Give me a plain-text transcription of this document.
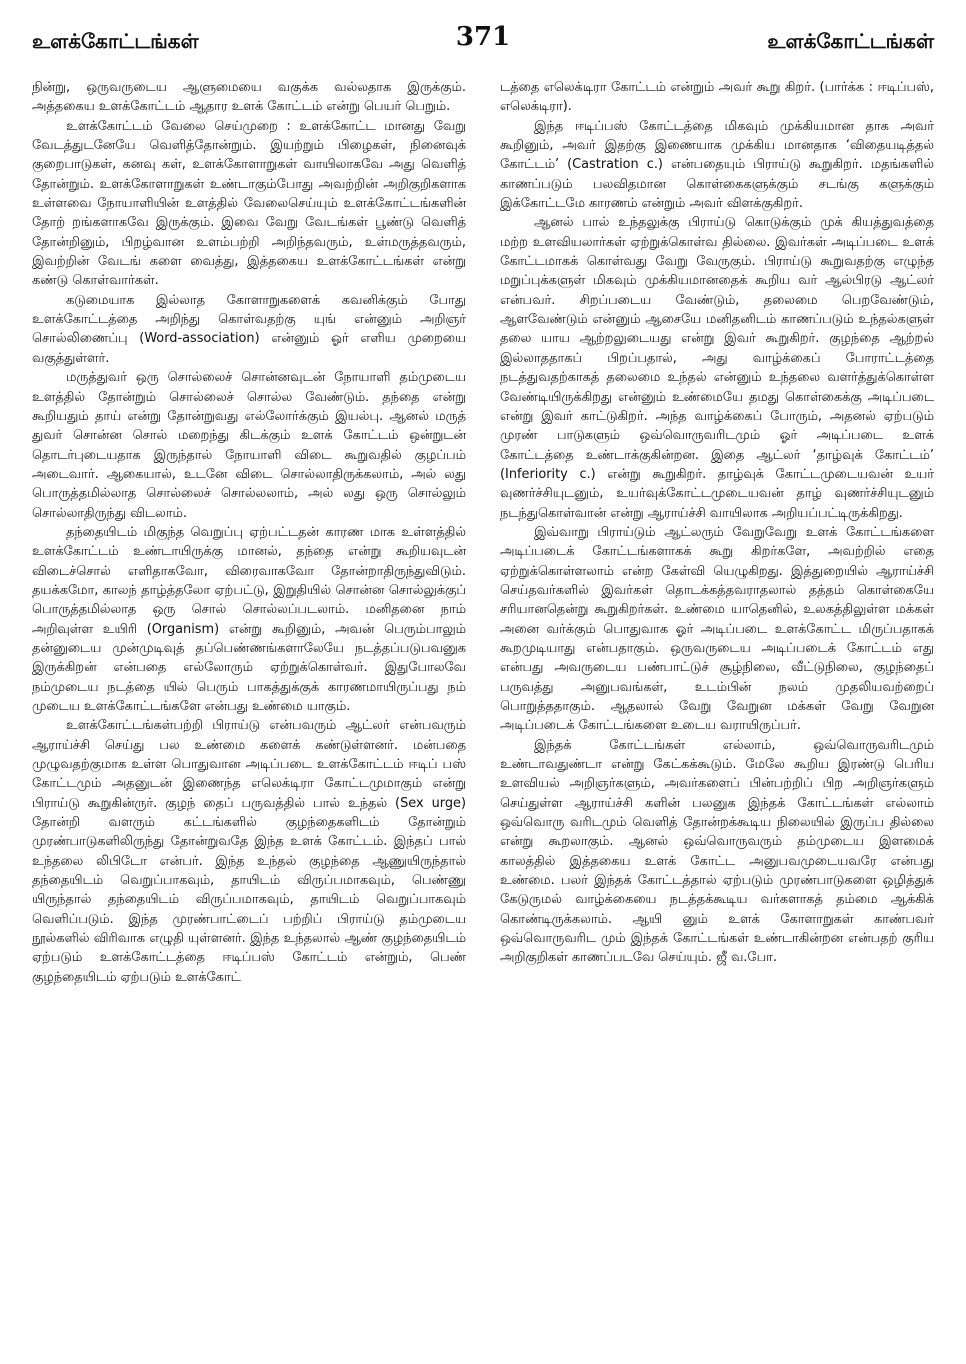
உளக்கோட்டங்கள்	371	உளக்கோட்டங்கள்

நின்று, ஒருவருடைய ஆளுமையை வகுக்க வல்லதாக இருக்கும். அத்தகைய உளக்கோட்டம் ஆதார உளக் கோட்டம் என்று பெயர் பெறும்.

உளக்கோட்டம் வேலை செய்முறை : உளக்கோட்ட மானது வேறு வேடத்துடனேயே வெளித்தோன்றும். இயற்றும் பிழைகள், நினைவுக் குறைபாடுகள், கனவு கள், உளக்கோளாறுகள் வாயிலாகவே அது வெளித் தோன்றும். உளக்கோளாறுகள் உண்டாகும்போது அவற்றின் அறிகுறிகளாக உள்ளவை நோயாளியின் உளத்தில் வேலைசெய்யும் உளக்கோட்டங்களின் தோற் றங்களாகவே இருக்கும். இவை வேறு வேடங்கள் பூண்டு வெளித் தோன்றினும், பிறழ்வான உளம்பற்றி அறிந்தவரும், உள்மருத்தவரும், இவற்றின் வேடங் களை வைத்து, இத்தகைய உளக்கோட்டங்கள் என்று கண்டு கொள்வார்கள்.

கடுமையாக இல்லாத கோளாறுகளைக் கவனிக்கும் போது உளக்கோட்டத்தை அறிந்து கொள்வதற்கு யுங் என்னும் அறிஞர் சொல்லிணைப்பு (Word-association) என்னும் ஓர் எளிய முறையை வகுத்துள்ளர்.

மருத்துவர் ஒரு சொல்லைச் சொன்னவுடன் நோயாளி தம்முடைய உளத்தில் தோன்றும் சொல்லைச் சொல்ல வேண்டும். தந்தை என்று கூறியதும் தாய் என்று தோன்றுவது எல்லோர்க்கும் இயல்பு. ஆனல் மருத் துவர் சொன்ன சொல் மறைந்து கிடக்கும் உளக் கோட்டம் ஒன்றுடன் தொடர்புடையதாக இருந்தால் நோயாளி விடை கூறுவதில் குழப்பம் அடைவார். ஆகையால், உடனே விடை சொல்லாதிருக்கலாம், அல் லது பொருத்தமில்லாத சொல்லைச் சொல்லலாம், அல் லது ஒரு சொல்லும் சொல்லாதிருந்து விடலாம்.

தந்தையிடம் மிகுந்த வெறுப்பு ஏற்பட்டதன் காரண மாக உள்ளத்தில் உளக்கோட்டம் உண்டாயிருக்கு மானல், தந்தை என்று கூறியவுடன் விடைச்சொல் எளிதாகவோ, விரைவாகவோ தோன்றாதிருந்துவிடும். தயக்கமோ, காலந் தாழ்த்தலோ ஏற்பட்டு, இறுதியில் சொன்ன சொல்லுக்குப் பொருத்தமில்லாத ஒரு சொல் சொல்லப்படலாம். மனிதனை நாம் அறிவுள்ள உயிரி (Organism) என்று கூறினும், அவன் பெரும்பாலும் தன்னுடைய முன்முடிவுத் தப்பெண்ணங்களாலேயே நடத்தப்படுபவனுக இருக்கிறன் என்பதை எல்லோரும் ஏற்றுக்கொள்வர். இதுபோலவே நம்முடைய நடத்தை யில் பெரும் பாகத்துக்குக் காரணமாயிருப்பது நம் முடைய உளக்கோட்டங்களே என்பது உண்மை யாகும்.

உளக்கோட்டங்கள்பற்றி பிராய்டு என்பவரும் ஆட்லர் என்பவரும் ஆராய்ச்சி செய்து பல உண்மை களைக் கண்டுள்ளனர். மன்பதை முழுவதற்குமாக உள்ள பொதுவான அடிப்படை உளக்கோட்டம் ஈடிப் பஸ் கோட்டமும் அதனுடன் இணைந்த எலெக்டிரா கோட்டமுமாகும் என்று பிராய்டு கூறுகின்ருர். குழந் தைப் பருவத்தில் பால் உந்தல் (Sex urge) தோன்றி வளரும் கட்டங்களில் குழந்தைகளிடம் தோன்றும் முரண்பாடுகளிலிருந்து தோன்றுவதே இந்த உளக் கோட்டம். இந்தப் பால் உந்தலை லிபிடோ என்பர். இந்த உந்தல் குழந்தை ஆணுயிருந்தால் தந்தையிடம் வெறுப்பாகவும், தாயிடம் விருப்பமாகவும், பெண்ணு யிருந்தால் தந்தையிடம் விருப்பமாகவும், தாயிடம் வெறுப்பாகவும் வெளிப்படும். இந்த முரண்பாட்டைப் பற்றிப் பிராய்டு தம்முடைய நூல்களில் விரிவாக எழுதி யுள்ளனர். இந்த உந்தலால் ஆண் குழந்தையிடம் ஏற்படும் உளக்கோட்டத்தை ஈடிப்பஸ் கோட்டம் என்றும், பெண் குழந்தையிடம் ஏற்படும் உளக்கோட்

டத்தை எலெக்டிரா கோட்டம் என்றும் அவர் கூறு கிறர். (பார்க்க : ஈடிப்பஸ், எலெக்டிரா).

இந்த ஈடிப்பஸ் கோட்டத்தை மிகவும் முக்கியமான தாக அவர் கூறினும், அவர் இதற்கு இணையாக முக்கிய மானதாக ‘விதையடித்தல் கோட்டம்’ (Castration c.) என்பதையும் பிராய்டு கூறுகிறர். மதங்களில் காணப்படும் பலவிதமான கொள்கைகளுக்கும் சடங்கு களுக்கும் இக்கோட்டமே காரணம் என்றும் அவர் விளக்குகிறர்.

ஆனல் பால் உந்தலுக்கு பிராய்டு கொடுக்கும் முக் கியத்துவத்தை மற்ற உளவியலார்கள் ஏற்றுக்கொள்வ தில்லை. இவர்கள் அடிப்படை உளக் கோட்டமாகக் கொள்வது வேறு வேருகும். பிராய்டு கூறுவதற்கு எழுந்த மறுப்புக்களுள் மிகவும் முக்கியமானதைக் கூறிய வர் ஆல்பிரடு ஆட்லர் என்பவர். சிறப்படைய வேண்டும், தலைமை பெறவேண்டும், ஆளவேண்டும் என்னும் ஆசையே மனிதனிடம் காணப்படும் உந்தல்களுள் தலை யாய ஆற்றலுடையது என்று இவர் கூறுகிறர். குழந்தை ஆற்றல் இல்லாததாகப் பிறப்பதால், அது வாழ்க்கைப் போராட்டத்தை நடத்துவதற்காகத் தலைமை உந்தல் என்னும் உந்தலை வளர்த்துக்கொள்ள வேண்டியிருக்கிறது என்னும் உண்மையே தமது கொள்கைக்கு அடிப்படை என்று இவர் காட்டுகிறர். அந்த வாழ்க்கைப் போரும், அதனல் ஏற்படும் முரண் பாடுகளும் ஒவ்வொருவரிடமும் ஓர் அடிப்படை உளக் கோட்டத்தை உண்டாக்குகின்றன. இதை ஆட்லர் ‘தாழ்வுக் கோட்டம்’ (Inferiority c.) என்று கூறுகிறர். தாழ்வுக் கோட்டமுடையவன் உயர் வுணர்ச்சியுடனும், உயர்வுக்கோட்டமுடையவன் தாழ் வுணர்ச்சியுடனும் நடந்துகொள்வான் என்று ஆராய்ச்சி வாயிலாக அறியப்பட்டிருக்கிறது.

இவ்வாறு பிராய்டும் ஆட்லரும் வேறுவேறு உளக் கோட்டங்களை அடிப்படைக் கோட்டங்களாகக் கூறு கிறர்களே, அவற்றில் எதை ஏற்றுக்கொள்ளலாம் என்ற கேள்வி யெழுகிறது. இத்துறையில் ஆராய்ச்சி செய்தவர்களில் இவர்கள் தொடக்கத்தவராதலால் தத்தம் கொள்கையே சரியானதென்று கூறுகிறர்கள். உண்மை யாதெனில், உலகத்திலுள்ள மக்கள் அனை வர்க்கும் பொதுவாக ஓர் அடிப்படை உளக்கோட்ட மிருப்பதாகக் கூறமுடியாது என்பதாகும். ஒருவருடைய அடிப்படைக் கோட்டம் எது என்பது அவருடைய பண்பாட்டுச் சூழ்நிலை, வீட்டுநிலை, குழந்தைப் பருவத்து அனுபவங்கள், உடம்பின் நலம் முதலியவற்றைப் பொறுத்ததாகும். ஆதலால் வேறு வேறுன மக்கள் வேறு வேறுன அடிப்படைக் கோட்டங்களை உடைய வராயிருப்பர்.

இந்தக் கோட்டங்கள் எல்லாம், ஒவ்வொருவரிடமும் உண்டாவதுண்டா என்று கேட்கக்கூடும். மேலே கூறிய இரண்டு பெரிய உளவியல் அறிஞர்களும், அவர்களைப் பின்பற்றிப் பிற அறிஞர்களும் செய்துள்ள ஆராய்ச்சி களின் பலனுக இந்தக் கோட்டங்கள் எல்லாம் ஒவ்வொரு வரிடமும் வெளித் தோன்றக்கூடிய நிலையில் இருப்ப தில்லை என்று கூறலாகும். ஆனல் ஒவ்வொருவரும் தம்முடைய இளமைக் காலத்தில் இத்தகைய உளக் கோட்ட அனுபவமுடையவரே என்பது உண்மை. பலர் இந்தக் கோட்டத்தால் ஏற்படும் முரண்பாடுகளை ஒழித்துக் கேடுருமல் வாழ்க்கையை நடத்தக்கூடிய வர்களாகத் தம்மை ஆக்கிக் கொண்டிருக்கலாம். ஆயி னும் உளக் கோளாறுகள் காண்பவர் ஒவ்வொருவரிட மும் இந்தக் கோட்டங்கள் உண்டாகின்றன என்பதற் குரிய அறிகுறிகள் காணப்படவே செய்யும். ஜீ வ.போ.
